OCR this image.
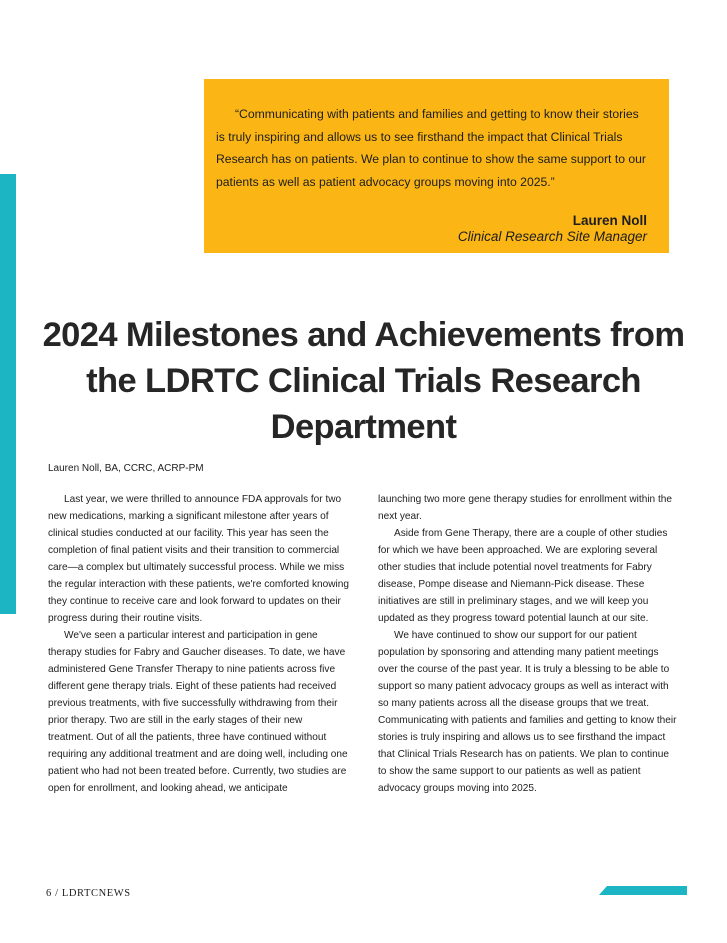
“Communicating with patients and families and getting to know their stories is truly inspiring and allows us to see firsthand the impact that Clinical Trials Research has on patients. We plan to continue to show the same support to our patients as well as patient advocacy groups moving into 2025.”

Lauren Noll
Clinical Research Site Manager
2024 Milestones and Achievements from the LDRTC Clinical Trials Research Department

Lauren Noll, BA, CCRC, ACRP-PM

Last year, we were thrilled to announce FDA approvals for two new medications, marking a significant milestone after years of clinical studies conducted at our facility. This year has seen the completion of final patient visits and their transition to commercial care—a complex but ultimately successful process. While we miss the regular interaction with these patients, we're comforted knowing they continue to receive care and look forward to updates on their progress during their routine visits.

We've seen a particular interest and participation in gene therapy studies for Fabry and Gaucher diseases. To date, we have administered Gene Transfer Therapy to nine patients across five different gene therapy trials. Eight of these patients had received previous treatments, with five successfully withdrawing from their prior therapy. Two are still in the early stages of their new treatment. Out of all the patients, three have continued without requiring any additional treatment and are doing well, including one patient who had not been treated before. Currently, two studies are open for enrollment, and looking ahead, we anticipate

launching two more gene therapy studies for enrollment within the next year.

Aside from Gene Therapy, there are a couple of other studies for which we have been approached. We are exploring several other studies that include potential novel treatments for Fabry disease, Pompe disease and Niemann-Pick disease. These initiatives are still in preliminary stages, and we will keep you updated as they progress toward potential launch at our site.

We have continued to show our support for our patient population by sponsoring and attending many patient meetings over the course of the past year. It is truly a blessing to be able to support so many patient advocacy groups as well as interact with so many patients across all the disease groups that we treat. Communicating with patients and families and getting to know their stories is truly inspiring and allows us to see firsthand the impact that Clinical Trials Research has on patients. We plan to continue to show the same support to our patients as well as patient advocacy groups moving into 2025.

6 / LDRTCNEWS
